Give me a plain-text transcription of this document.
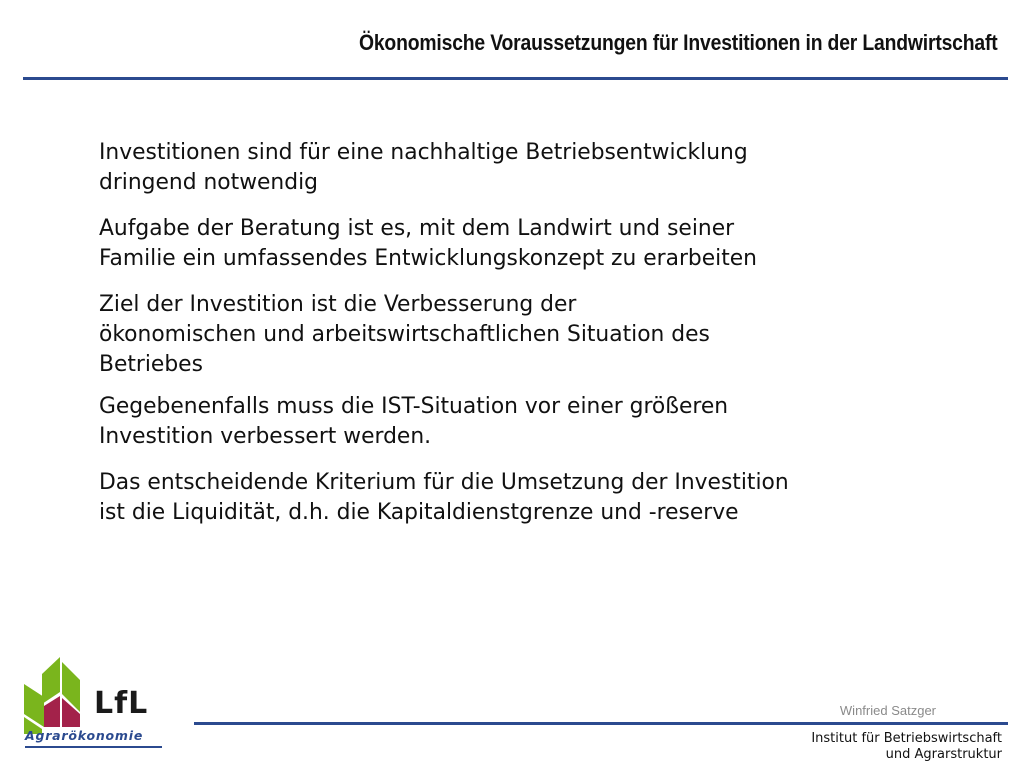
Ökonomische Voraussetzungen für Investitionen in der Landwirtschaft

Investitionen sind für eine nachhaltige Betriebsentwicklung
dringend notwendig

Aufgabe der Beratung ist es, mit dem Landwirt und seiner
Familie ein umfassendes Entwicklungskonzept zu erarbeiten

Ziel der Investition ist die Verbesserung der
ökonomischen und arbeitswirtschaftlichen Situation des
Betriebes

Gegebenenfalls muss die IST-Situation vor einer größeren
Investition verbessert werden.

Das entscheidende Kriterium für die Umsetzung der Investition
ist die Liquidität, d.h. die Kapitaldienstgrenze und -reserve

LfL
Agrarökonomie
Winfried Satzger
Institut für Betriebswirtschaft
und Agrarstruktur
